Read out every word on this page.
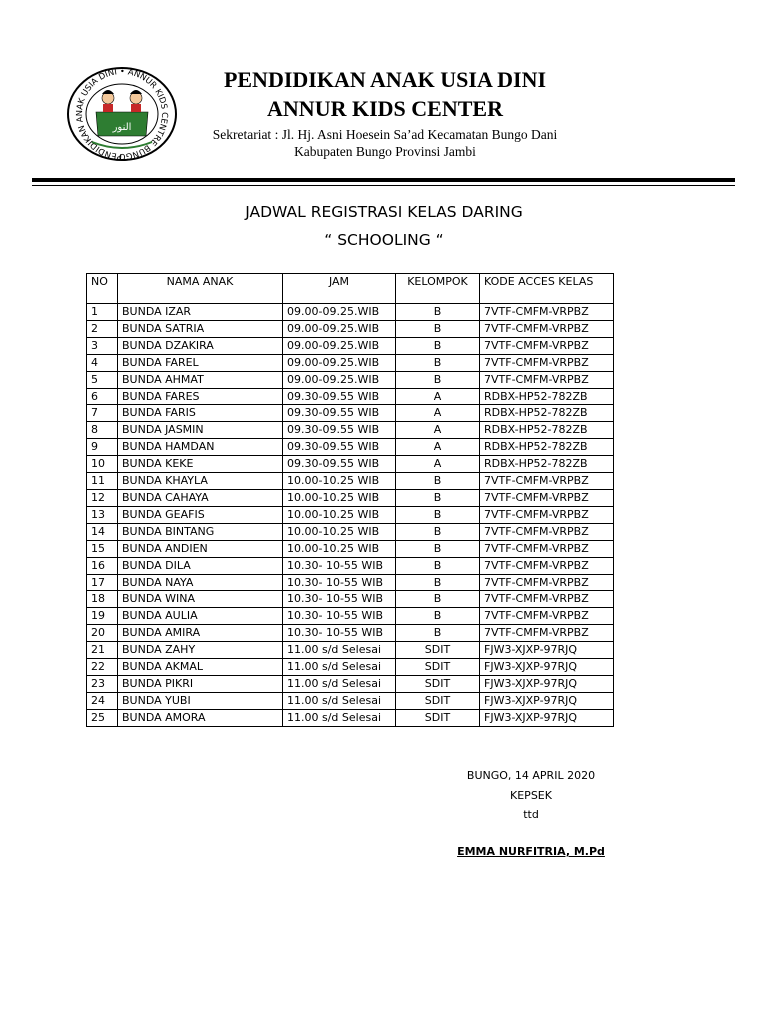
PENDIDIKAN ANAK USIA DINI • ANNUR KIDS CENTRE BUNGO
النور
PENDIDIKAN ANAK USIA DINI
ANNUR KIDS CENTER
Sekretariat : Jl. Hj. Asni Hoesein Sa’ad Kecamatan Bungo Dani
Kabupaten Bungo Provinsi Jambi
JADWAL REGISTRASI KELAS DARING
“ SCHOOLING “
NO	NAMA ANAK	JAM	KELOMPOK	KODE ACCES KELAS
1	BUNDA IZAR	09.00-09.25.WIB	B	7VTF-CMFM-VRPBZ
2	BUNDA SATRIA	09.00-09.25.WIB	B	7VTF-CMFM-VRPBZ
3	BUNDA DZAKIRA	09.00-09.25.WIB	B	7VTF-CMFM-VRPBZ
4	BUNDA FAREL	09.00-09.25.WIB	B	7VTF-CMFM-VRPBZ
5	BUNDA AHMAT	09.00-09.25.WIB	B	7VTF-CMFM-VRPBZ
6	BUNDA FARES	09.30-09.55 WIB	A	RDBX-HP52-782ZB
7	BUNDA FARIS	09.30-09.55 WIB	A	RDBX-HP52-782ZB
8	BUNDA JASMIN	09.30-09.55 WIB	A	RDBX-HP52-782ZB
9	BUNDA HAMDAN	09.30-09.55 WIB	A	RDBX-HP52-782ZB
10	BUNDA KEKE	09.30-09.55 WIB	A	RDBX-HP52-782ZB
11	BUNDA KHAYLA	10.00-10.25 WIB	B	7VTF-CMFM-VRPBZ
12	BUNDA CAHAYA	10.00-10.25 WIB	B	7VTF-CMFM-VRPBZ
13	BUNDA GEAFIS	10.00-10.25 WIB	B	7VTF-CMFM-VRPBZ
14	BUNDA BINTANG	10.00-10.25 WIB	B	7VTF-CMFM-VRPBZ
15	BUNDA ANDIEN	10.00-10.25 WIB	B	7VTF-CMFM-VRPBZ
16	BUNDA DILA	10.30- 10-55 WIB	B	7VTF-CMFM-VRPBZ
17	BUNDA NAYA	10.30- 10-55 WIB	B	7VTF-CMFM-VRPBZ
18	BUNDA WINA	10.30- 10-55 WIB	B	7VTF-CMFM-VRPBZ
19	BUNDA AULIA	10.30- 10-55 WIB	B	7VTF-CMFM-VRPBZ
20	BUNDA AMIRA	10.30- 10-55 WIB	B	7VTF-CMFM-VRPBZ
21	BUNDA ZAHY	11.00 s/d Selesai	SDIT	FJW3-XJXP-97RJQ
22	BUNDA AKMAL	11.00 s/d Selesai	SDIT	FJW3-XJXP-97RJQ
23	BUNDA PIKRI	11.00 s/d Selesai	SDIT	FJW3-XJXP-97RJQ
24	BUNDA YUBI	11.00 s/d Selesai	SDIT	FJW3-XJXP-97RJQ
25	BUNDA AMORA	11.00 s/d Selesai	SDIT	FJW3-XJXP-97RJQ
BUNGO, 14 APRIL 2020
KEPSEK
ttd
EMMA NURFITRIA, M.Pd
